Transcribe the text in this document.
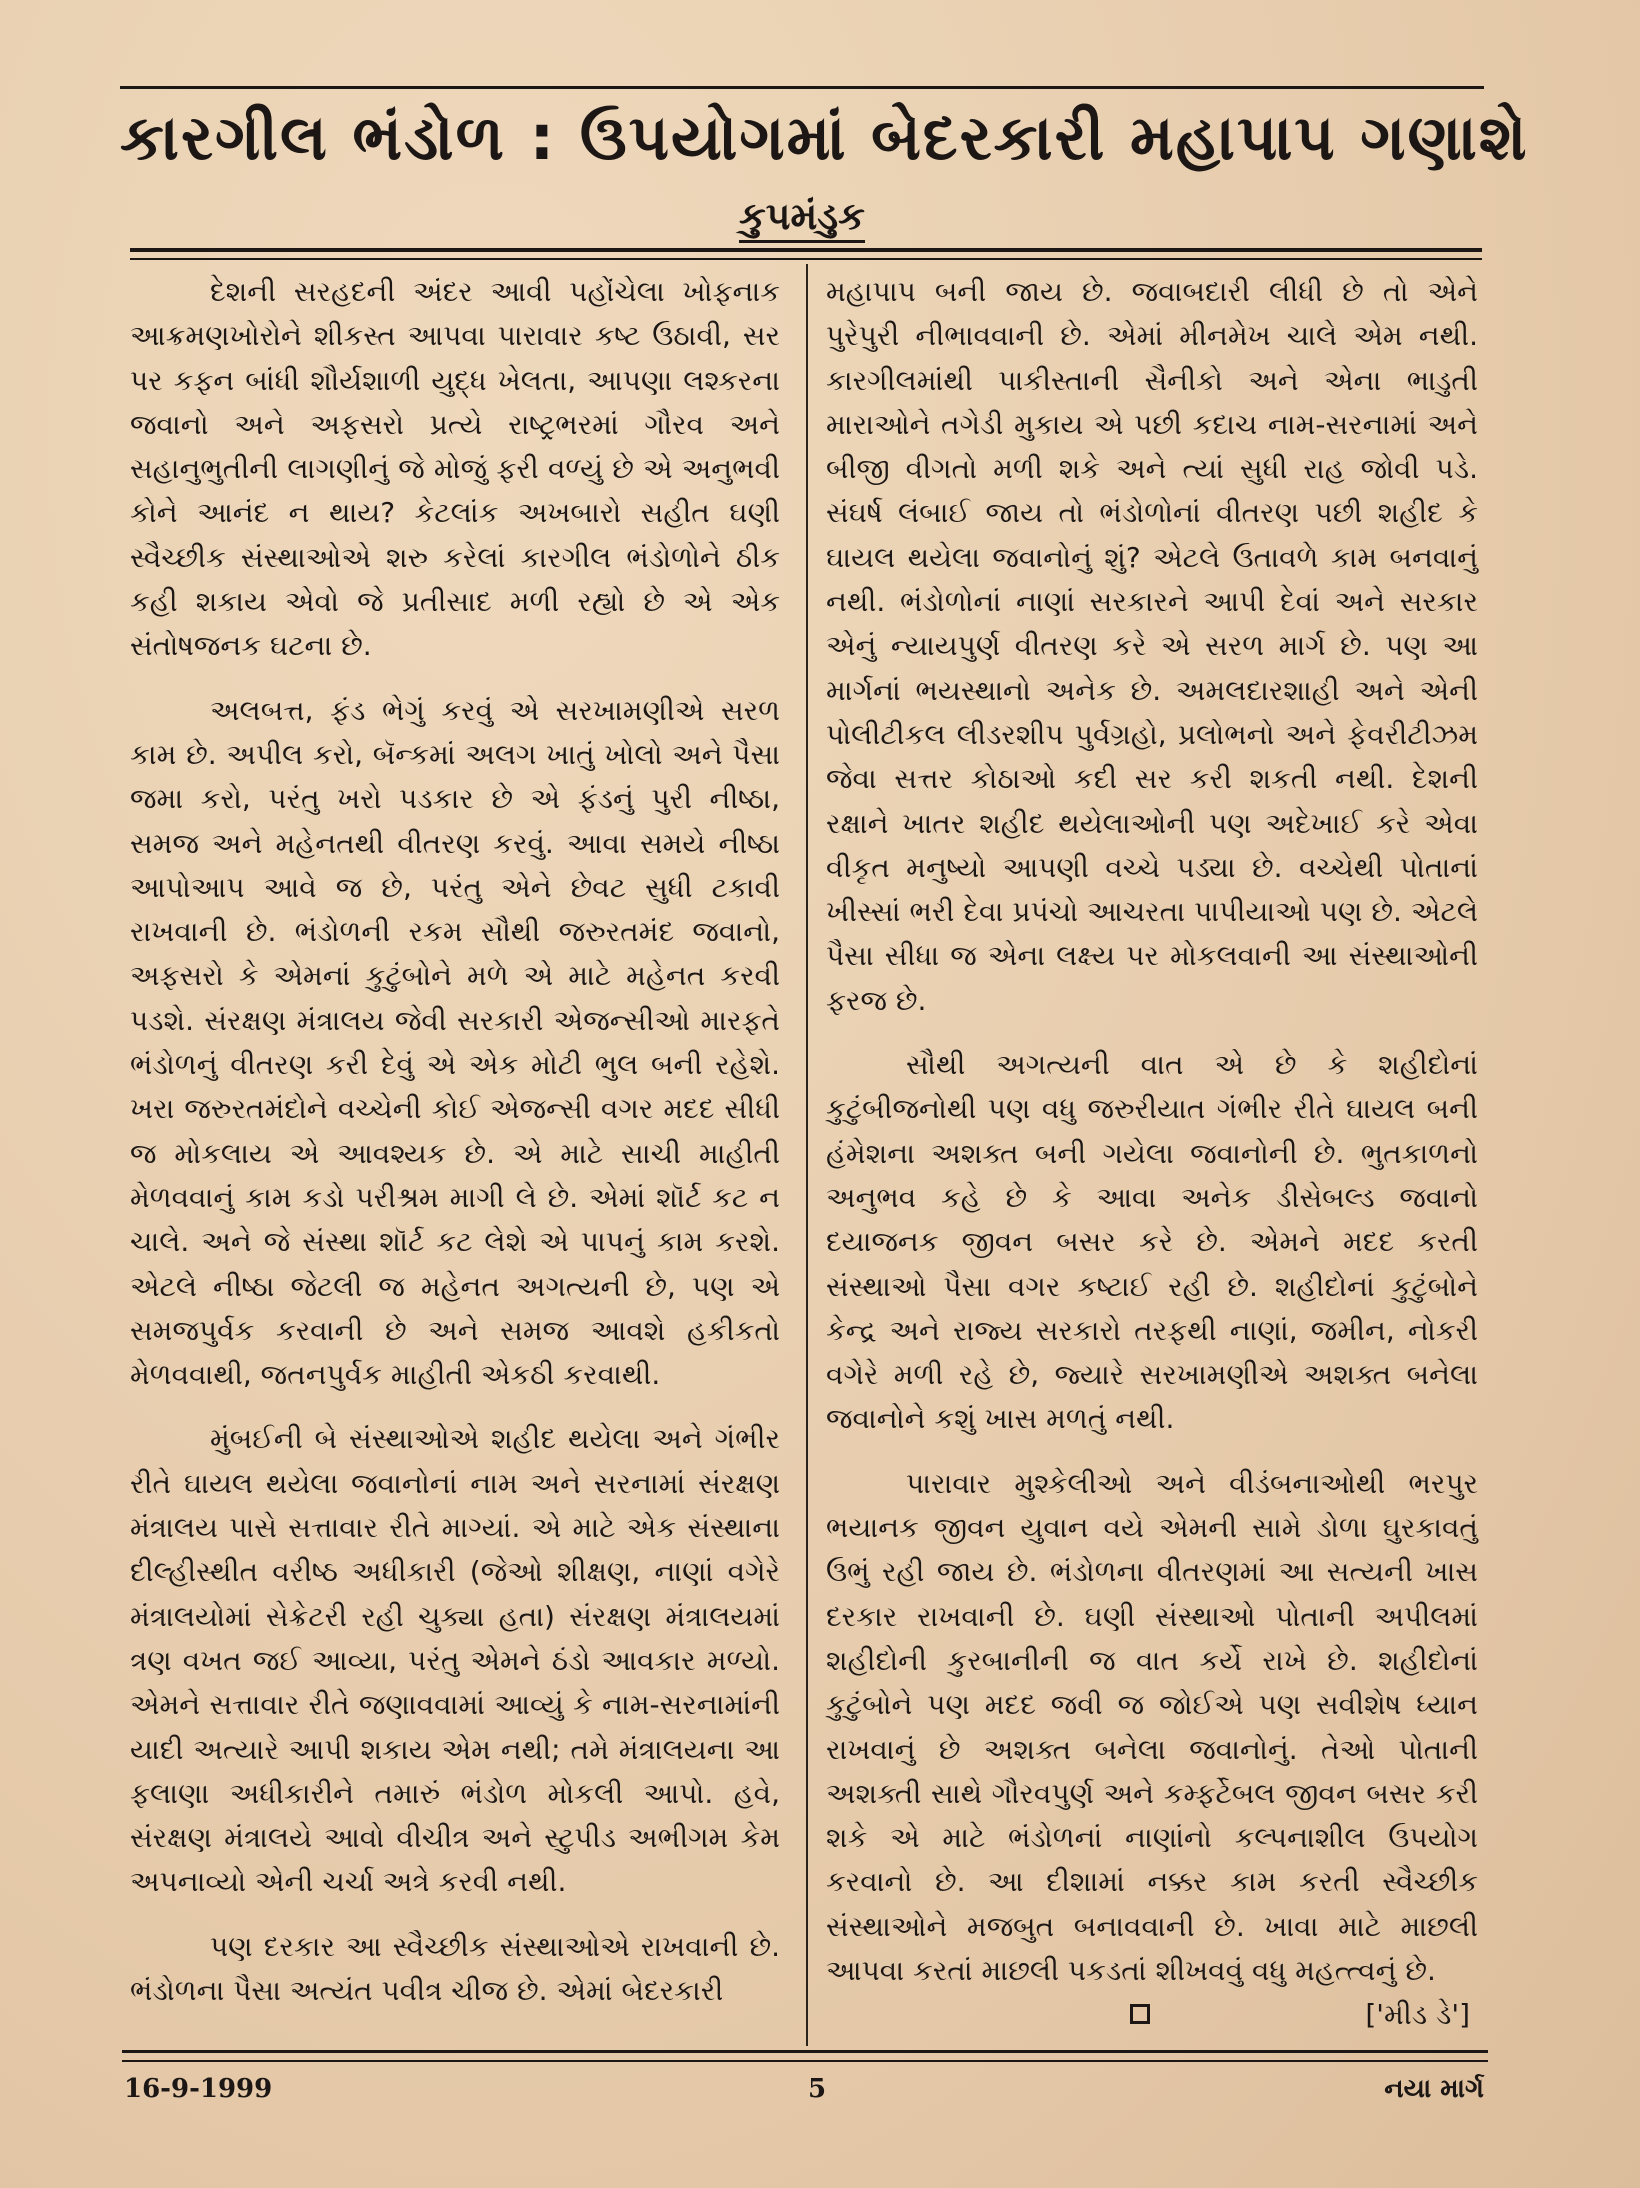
કારગીલ ભંડોળ : ઉપયોગમાં બેદરકારી મહાપાપ ગણાશે
કુપમંડુક

દેશની સરહદની અંદર આવી પહોંચેલા ખોફનાક આક્રમણખોરોને શીકસ્ત આપવા પારાવાર કષ્ટ ઉઠાવી, સર પર કફન બાંધી શૌર્યશાળી યુદ્ધ ખેલતા, આપણા લશ્કરના જવાનો અને અફસરો પ્રત્યે રાષ્ટ્રભરમાં ગૌરવ અને સહાનુભુતીની લાગણીનું જે મોજું ફરી વળ્યું છે એ અનુભવી કોને આનંદ ન થાય? કેટલાંક અખબારો સહીત ઘણી સ્વૈચ્છીક સંસ્થાઓએ શરુ કરેલાં કારગીલ ભંડોળોને ઠીક કહી શકાય એવો જે પ્રતીસાદ મળી રહ્યો છે એ એક સંતોષજનક ઘટના છે.

અલબત્ત, ફંડ ભેગું કરવું એ સરખામણીએ સરળ કામ છે. અપીલ કરો, બૅન્કમાં અલગ ખાતું ખોલો અને પૈસા જમા કરો, પરંતુ ખરો પડકાર છે એ ફંડનું પુરી નીષ્ઠા, સમજ અને મહેનતથી વીતરણ કરવું. આવા સમયે નીષ્ઠા આપોઆપ આવે જ છે, પરંતુ એને છેવટ સુધી ટકાવી રાખવાની છે. ભંડોળની રકમ સૌથી જરુરતમંદ જવાનો, અફસરો કે એમનાં કુટુંબોને મળે એ માટે મહેનત કરવી પડશે. સંરક્ષણ મંત્રાલય જેવી સરકારી એજન્સીઓ મારફતે ભંડોળનું વીતરણ કરી દેવું એ એક મોટી ભુલ બની રહેશે. ખરા જરુરતમંદોને વચ્ચેની કોઈ એજન્સી વગર મદદ સીધી જ મોકલાય એ આવશ્યક છે. એ માટે સાચી માહીતી મેળવવાનું કામ કડો પરીશ્રમ માગી લે છે. એમાં શૉર્ટ કટ ન ચાલે. અને જે સંસ્થા શૉર્ટ કટ લેશે એ પાપનું કામ કરશે. એટલે નીષ્ઠા જેટલી જ મહેનત અગત્યની છે, પણ એ સમજપુર્વક કરવાની છે અને સમજ આવશે હકીકતો મેળવવાથી, જતનપુર્વક માહીતી એકઠી કરવાથી.

મુંબઈની બે સંસ્થાઓએ શહીદ થયેલા અને ગંભીર રીતે ઘાયલ થયેલા જવાનોનાં નામ અને સરનામાં સંરક્ષણ મંત્રાલય પાસે સત્તાવાર રીતે માગ્યાં. એ માટે એક સંસ્થાના દીલ્હીસ્થીત વરીષ્ઠ અધીકારી (જેઓ શીક્ષણ, નાણાં વગેરે મંત્રાલયોમાં સેક્રેટરી રહી ચુક્યા હતા) સંરક્ષણ મંત્રાલયમાં ત્રણ વખત જઈ આવ્યા, પરંતુ એમને ઠંડો આવકાર મળ્યો. એમને સત્તાવાર રીતે જણાવવામાં આવ્યું કે નામ-સરનામાંની યાદી અત્યારે આપી શકાય એમ નથી; તમે મંત્રાલયના આ ફલાણા અધીકારીને તમારું ભંડોળ મોકલી આપો. હવે, સંરક્ષણ મંત્રાલયે આવો વીચીત્ર અને સ્ટુપીડ અભીગમ કેમ અપનાવ્યો એની ચર્ચા અત્રે કરવી નથી.

પણ દરકાર આ સ્વૈચ્છીક સંસ્થાઓએ રાખવાની છે. ભંડોળના પૈસા અત્યંત પવીત્ર ચીજ છે. એમાં બેદરકારી

મહાપાપ બની જાય છે. જવાબદારી લીધી છે તો એને પુરેપુરી નીભાવવાની છે. એમાં મીનમેખ ચાલે એમ નથી. કારગીલમાંથી પાકીસ્તાની સૈનીકો અને એના ભાડુતી મારાઓને તગેડી મુકાય એ પછી કદાચ નામ-સરનામાં અને બીજી વીગતો મળી શકે અને ત્યાં સુધી રાહ જોવી પડે. સંઘર્ષ લંબાઈ જાય તો ભંડોળોનાં વીતરણ પછી શહીદ કે ઘાયલ થયેલા જવાનોનું શું? એટલે ઉતાવળે કામ બનવાનું નથી. ભંડોળોનાં નાણાં સરકારને આપી દેવાં અને સરકાર એનું ન્યાયપુર્ણ વીતરણ કરે એ સરળ માર્ગ છે. પણ આ માર્ગનાં ભયસ્થાનો અનેક છે. અમલદારશાહી અને એની પોલીટીકલ લીડરશીપ પુર્વગ્રહો, પ્રલોભનો અને ફેવરીટીઝમ જેવા સત્તર કોઠાઓ કદી સર કરી શકતી નથી. દેશની રક્ષાને ખાતર શહીદ થયેલાઓની પણ અદેખાઈ કરે એવા વીકૃત મનુષ્યો આપણી વચ્ચે પડ્યા છે. વચ્ચેથી પોતાનાં ખીસ્સાં ભરી દેવા પ્રપંચો આચરતા પાપીયાઓ પણ છે. એટલે પૈસા સીધા જ એના લક્ષ્ય પર મોકલવાની આ સંસ્થાઓની ફરજ છે.

સૌથી અગત્યની વાત એ છે કે શહીદોનાં કુટુંબીજનોથી પણ વધુ જરુરીયાત ગંભીર રીતે ઘાયલ બની હંમેશના અશક્ત બની ગયેલા જવાનોની છે. ભુતકાળનો અનુભવ કહે છે કે આવા અનેક ડીસેબલ્ડ જવાનો દયાજનક જીવન બસર કરે છે. એમને મદદ કરતી સંસ્થાઓ પૈસા વગર કષ્ટાઈ રહી છે. શહીદોનાં કુટુંબોને કેન્દ્ર અને રાજ્ય સરકારો તરફથી નાણાં, જમીન, નોકરી વગેરે મળી રહે છે, જ્યારે સરખામણીએ અશક્ત બનેલા જવાનોને કશું ખાસ મળતું નથી.

પારાવાર મુશ્કેલીઓ અને વીડંબનાઓથી ભરપુર ભયાનક જીવન યુવાન વયે એમની સામે ડોળા ઘુરકાવતું ઉભું રહી જાય છે. ભંડોળના વીતરણમાં આ સત્યની ખાસ દરકાર રાખવાની છે. ઘણી સંસ્થાઓ પોતાની અપીલમાં શહીદોની કુરબાનીની જ વાત કર્યે રાખે છે. શહીદોનાં કુટુંબોને પણ મદદ જવી જ જોઈએ પણ સવીશેષ ધ્યાન રાખવાનું છે અશક્ત બનેલા જવાનોનું. તેઓ પોતાની અશક્તી સાથે ગૌરવપુર્ણ અને કમ્ફર્ટેબલ જીવન બસર કરી શકે એ માટે ભંડોળનાં નાણાંનો કલ્પનાશીલ ઉપયોગ કરવાનો છે. આ દીશામાં નક્કર કામ કરતી સ્વૈચ્છીક સંસ્થાઓને મજબુત બનાવવાની છે. ખાવા માટે માછલી આપવા કરતાં માછલી પકડતાં શીખવવું વધુ મહત્ત્વનું છે.
['મીડ ડે']

16-9-1999	5	નયા માર્ગ
